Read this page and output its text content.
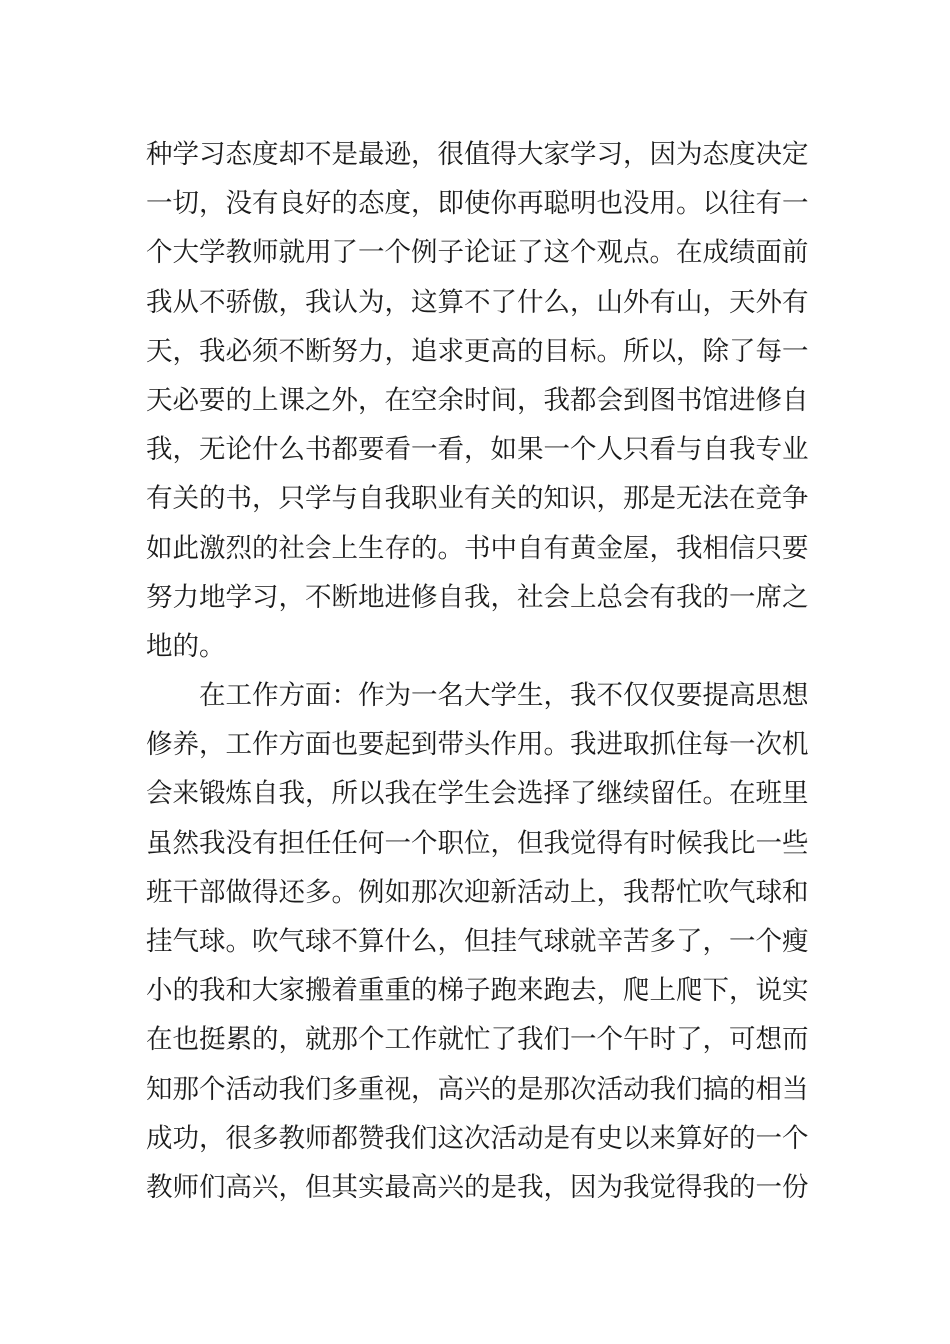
种学习态度却不是最逊，很值得大家学习，因为态度决定
一切，没有良好的态度，即使你再聪明也没用。以往有一
个大学教师就用了一个例子论证了这个观点。在成绩面前
我从不骄傲，我认为，这算不了什么，山外有山，天外有
天，我必须不断努力，追求更高的目标。所以，除了每一
天必要的上课之外，在空余时间，我都会到图书馆进修自
我，无论什么书都要看一看，如果一个人只看与自我专业
有关的书，只学与自我职业有关的知识，那是无法在竞争
如此激烈的社会上生存的。书中自有黄金屋，我相信只要
努力地学习，不断地进修自我，社会上总会有我的一席之
地的。
在工作方面：作为一名大学生，我不仅仅要提高思想
修养，工作方面也要起到带头作用。我进取抓住每一次机
会来锻炼自我，所以我在学生会选择了继续留任。在班里
虽然我没有担任任何一个职位，但我觉得有时候我比一些
班干部做得还多。例如那次迎新活动上，我帮忙吹气球和
挂气球。吹气球不算什么，但挂气球就辛苦多了，一个瘦
小的我和大家搬着重重的梯子跑来跑去，爬上爬下，说实
在也挺累的，就那个工作就忙了我们一个午时了，可想而
知那个活动我们多重视，高兴的是那次活动我们搞的相当
成功，很多教师都赞我们这次活动是有史以来算好的一个
教师们高兴，但其实最高兴的是我，因为我觉得我的一份
